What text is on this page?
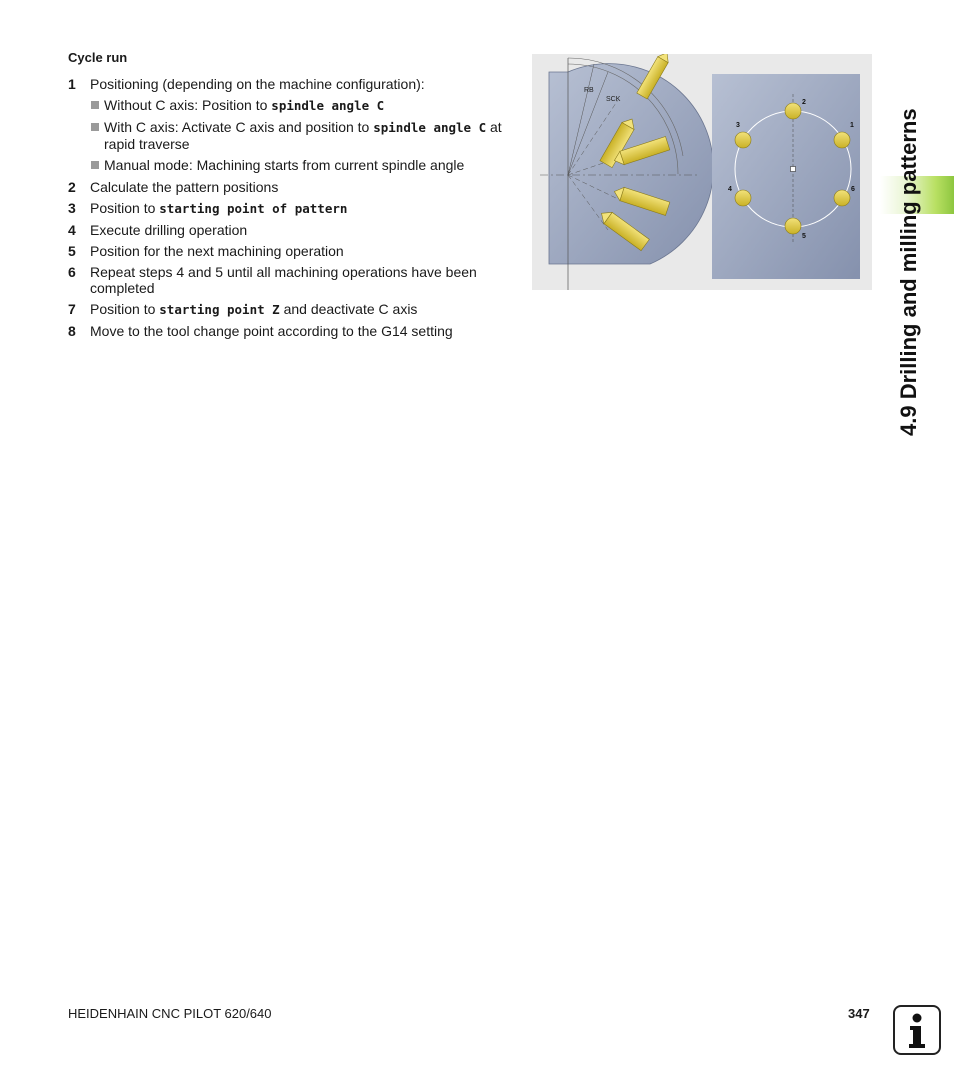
Cycle run
1 Positioning (depending on the machine configuration):
Without C axis: Position to spindle angle C
With C axis: Activate C axis and position to spindle angle C at rapid traverse
Manual mode: Machining starts from current spindle angle
2 Calculate the pattern positions
3 Position to starting point of pattern
4 Execute drilling operation
5 Position for the next machining operation
6 Repeat steps 4 and 5 until all machining operations have been completed
7 Position to starting point Z and deactivate C axis
8 Move to the tool change point according to the G14 setting
RB
SCK
1
2
3
4
5
6 4.9 Drilling and milling patterns
HEIDENHAIN CNC PILOT 620/640	347
